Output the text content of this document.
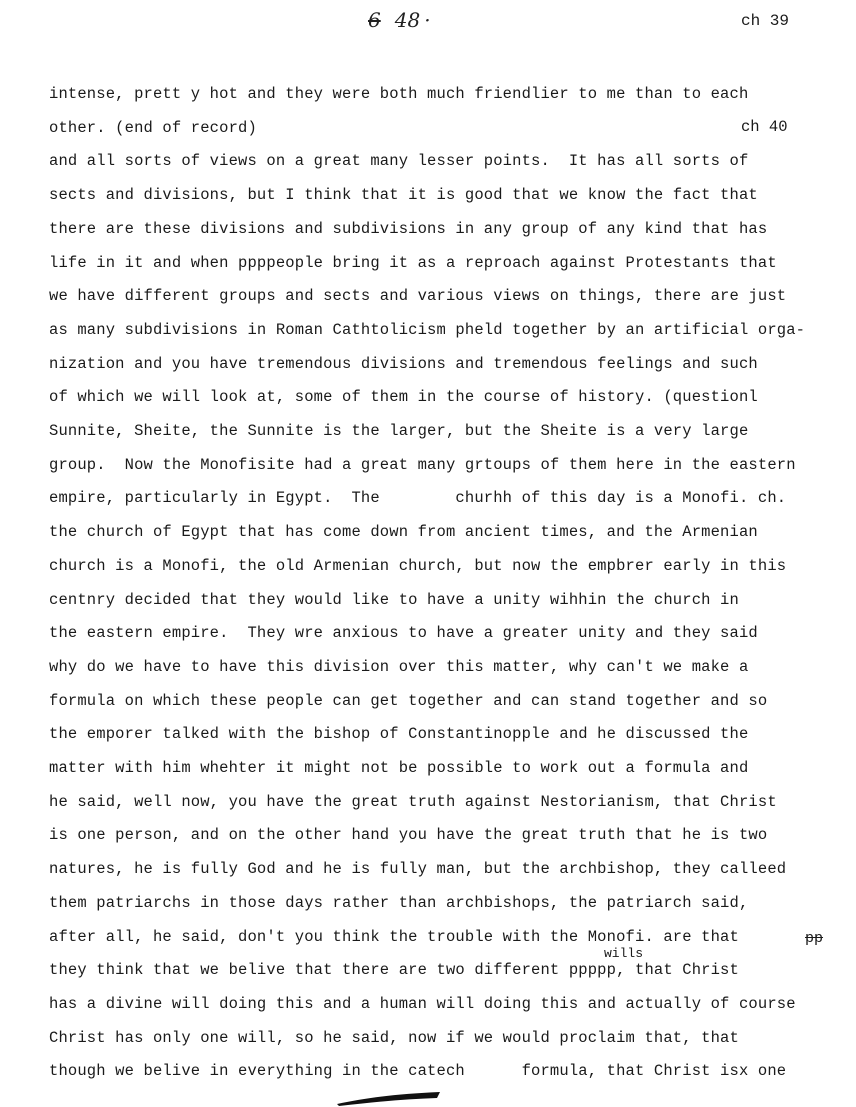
6 48 ·	ch 39
intense, prett y hot and they were both much friendlier to me than to each
other. (end of record)
and all sorts of views on a great many lesser points.  It has all sorts of
sects and divisions, but I think that it is good that we know the fact that
there are these divisions and subdivisions in any group of any kind that has
life in it and when ppppeople bring it as a reproach against Protestants that
we have different groups and sects and various views on things, there are just
as many subdivisions in Roman Cathtolicism pheld together by an artificial orga-
nization and you have tremendous divisions and tremendous feelings and such
of which we will look at, some of them in the course of history. (questionl
Sunnite, Sheite, the Sunnite is the larger, but the Sheite is a very large
group.  Now the Monofisite had a great many grtoups of them here in the eastern
empire, particularly in Egypt.  The        churhh of this day is a Monofi. ch.
the church of Egypt that has come down from ancient times, and the Armenian
church is a Monofi, the old Armenian church, but now the empbrer early in this
centnry decided that they would like to have a unity wihhin the church in
the eastern empire.  They wre anxious to have a greater unity and they said
why do we have to have this division over this matter, why can't we make a
formula on which these people can get together and can stand together and so
the emporer talked with the bishop of Constantinopple and he discussed the
matter with him whehter it might not be possible to work out a formula and
he said, well now, you have the great truth against Nestorianism, that Christ
is one person, and on the other hand you have the great truth that he is two
natures, he is fully God and he is fully man, but the archbishop, they calleed
them patriarchs in those days rather than archbishops, the patriarch said,
after all, he said, don't you think the trouble with the Monofi. are that
they think that we belive that there are two different ppppp, that Christ
has a divine will doing this and a human will doing this and actually of course
Christ has only one will, so he said, now if we would proclaim that, that
though we belive in everything in the catech      formula, that Christ isx one
ch 40
wills
pp
